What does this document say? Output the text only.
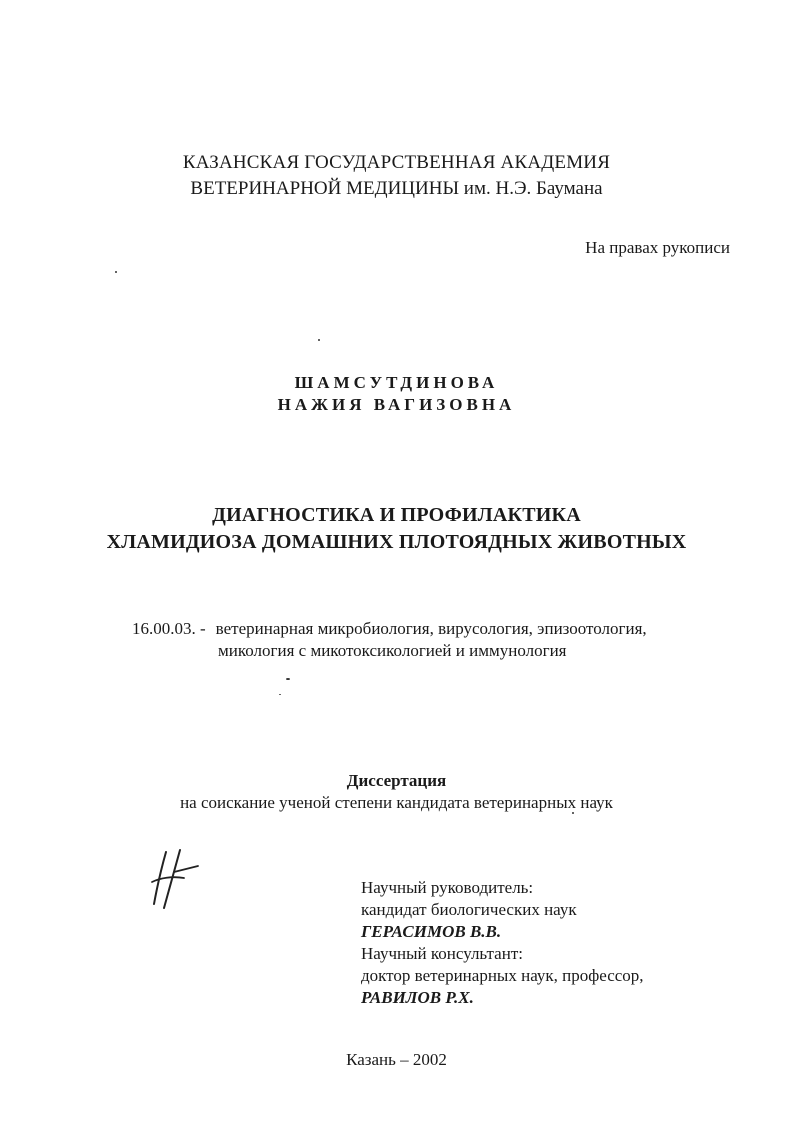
КАЗАНСКАЯ ГОСУДАРСТВЕННАЯ АКАДЕМИЯ
ВЕТЕРИНАРНОЙ МЕДИЦИНЫ им. Н.Э. Баумана
На правах рукописи
ШАМСУТДИНОВА
НАЖИЯ ВАГИЗОВНА
ДИАГНОСТИКА И ПРОФИЛАКТИКА
ХЛАМИДИОЗА ДОМАШНИХ ПЛОТОЯДНЫХ ЖИВОТНЫХ
16.00.03. - ветеринарная микробиология, вирусология, эпизоотология,
микология с микотоксикологией и иммунология
Диссертация
на соискание ученой степени кандидата ветеринарных наук
Научный руководитель:
кандидат биологических наук
ГЕРАСИМОВ В.В.
Научный консультант:
доктор ветеринарных наук, профессор,
РАВИЛОВ Р.Х.
Казань – 2002
